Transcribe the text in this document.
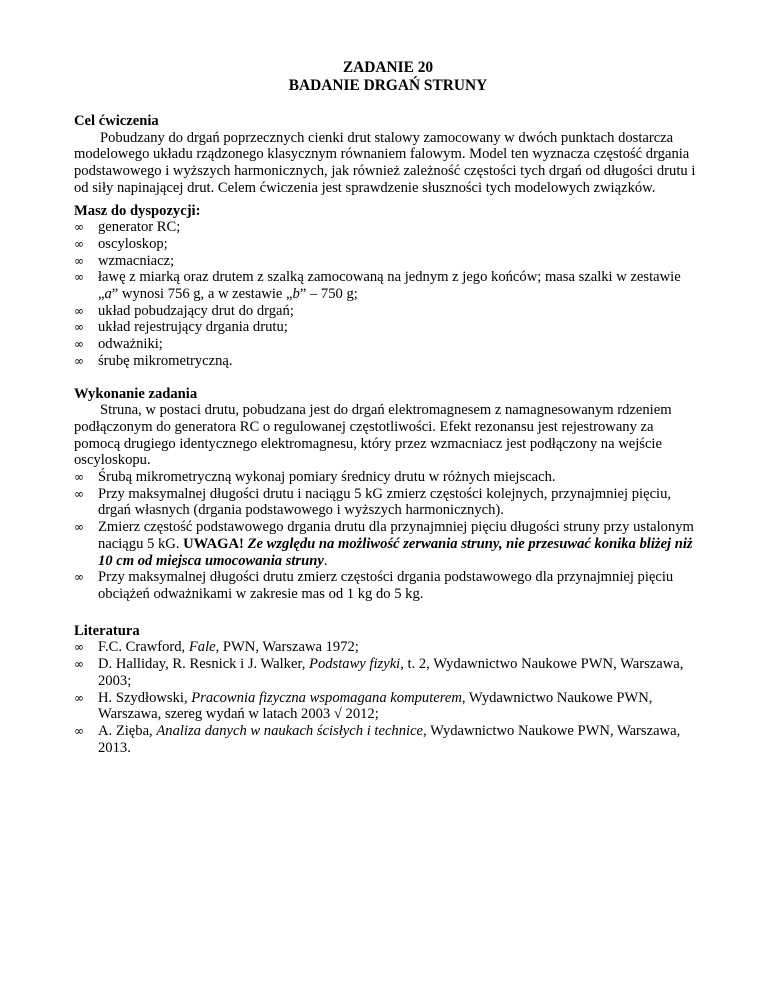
ZADANIE 20

BADANIE DRGAŃ STRUNY

Cel ćwiczenia

Pobudzany do drgań poprzecznych cienki drut stalowy zamocowany w dwóch punktach dostarcza modelowego układu rządzonego klasycznym równaniem falowym. Model ten wyznacza częstość drgania podstawowego i wyższych harmonicznych, jak również zależność częstości tych drgań od długości drutu i od siły napinającej drut. Celem ćwiczenia jest sprawdzenie słuszności tych modelowych związków.

Masz do dyspozycji:

∞ generator RC;
∞ oscyloskop;
∞ wzmacniacz;
∞ ławę z miarką oraz drutem z szalką zamocowaną na jednym z jego końców; masa szalki w zestawie „a” wynosi 756 g, a w zestawie „b” – 750 g;
∞ układ pobudzający drut do drgań;
∞ układ rejestrujący drgania drutu;
∞ odważniki;
∞ śrubę mikrometryczną.

Wykonanie zadania

Struna, w postaci drutu, pobudzana jest do drgań elektromagnesem z namagnesowanym rdzeniem podłączonym do generatora RC o regulowanej częstotliwości. Efekt rezonansu jest rejestrowany za pomocą drugiego identycznego elektromagnesu, który przez wzmacniacz jest podłączony na wejście oscyloskopu.

∞ Śrubą mikrometryczną wykonaj pomiary średnicy drutu w różnych miejscach.
∞ Przy maksymalnej długości drutu i naciągu 5 kG zmierz częstości kolejnych, przynajmniej pięciu, drgań własnych (drgania podstawowego i wyższych harmonicznych).
∞ Zmierz częstość podstawowego drgania drutu dla przynajmniej pięciu długości struny przy ustalonym naciągu 5 kG. UWAGA! Ze względu na możliwość zerwania struny, nie przesuwać konika bliżej niż 10 cm od miejsca umocowania struny.
∞ Przy maksymalnej długości drutu zmierz częstości drgania podstawowego dla przynajmniej pięciu obciążeń odważnikami w zakresie mas od 1 kg do 5 kg.

Literatura

∞ F.C. Crawford, Fale, PWN, Warszawa 1972;
∞ D. Halliday, R. Resnick i J. Walker, Podstawy fizyki, t. 2, Wydawnictwo Naukowe PWN, Warszawa, 2003;
∞ H. Szydłowski, Pracownia fizyczna wspomagana komputerem, Wydawnictwo Naukowe PWN, Warszawa, szereg wydań w latach 2003 √ 2012;
∞ A. Zięba, Analiza danych w naukach ścisłych i technice, Wydawnictwo Naukowe PWN, Warszawa, 2013.
